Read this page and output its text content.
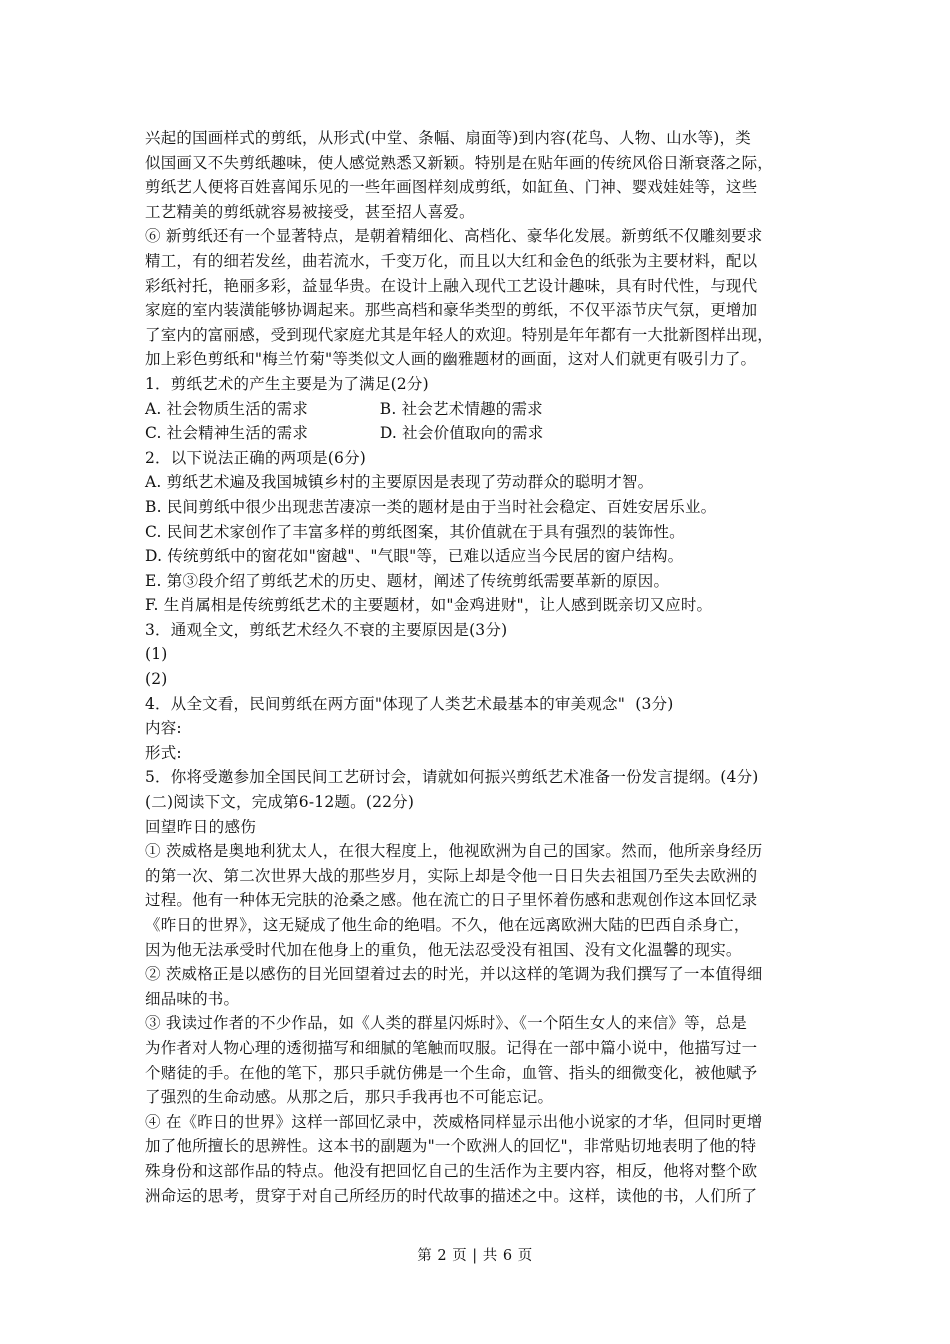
兴起的国画样式的剪纸，从形式(中堂、条幅、扇面等)到内容(花鸟、人物、山水等)，类
似国画又不失剪纸趣味，使人感觉熟悉又新颖。特别是在贴年画的传统风俗日渐衰落之际，
剪纸艺人便将百姓喜闻乐见的一些年画图样刻成剪纸，如缸鱼、门神、婴戏娃娃等，这些
工艺精美的剪纸就容易被接受，甚至招人喜爱。
⑥ 新剪纸还有一个显著特点，是朝着精细化、高档化、豪华化发展。新剪纸不仅雕刻要求
精工，有的细若发丝，曲若流水，千变万化，而且以大红和金色的纸张为主要材料，配以
彩纸衬托，艳丽多彩，益显华贵。在设计上融入现代工艺设计趣味，具有时代性，与现代
家庭的室内装潢能够协调起来。那些高档和豪华类型的剪纸，不仅平添节庆气氛，更增加
了室内的富丽感，受到现代家庭尤其是年轻人的欢迎。特别是年年都有一大批新图样出现，
加上彩色剪纸和"梅兰竹菊"等类似文人画的幽雅题材的画面，这对人们就更有吸引力了。
1．剪纸艺术的产生主要是为了满足(2分)
A. 社会物质生活的需求              B. 社会艺术情趣的需求
C. 社会精神生活的需求              D. 社会价值取向的需求
2．以下说法正确的两项是(6分)
A. 剪纸艺术遍及我国城镇乡村的主要原因是表现了劳动群众的聪明才智。
B. 民间剪纸中很少出现悲苦凄凉一类的题材是由于当时社会稳定、百姓安居乐业。
C. 民间艺术家创作了丰富多样的剪纸图案，其价值就在于具有强烈的装饰性。
D. 传统剪纸中的窗花如"窗越"、"气眼"等，已难以适应当今民居的窗户结构。
E. 第③段介绍了剪纸艺术的历史、题材，阐述了传统剪纸需要革新的原因。
F. 生肖属相是传统剪纸艺术的主要题材，如"金鸡进财"，让人感到既亲切又应时。
3．通观全文，剪纸艺术经久不衰的主要原因是(3分)
(1)
(2)
4．从全文看，民间剪纸在两方面"体现了人类艺术最基本的审美观念"  (3分)
内容:
形式:
5．你将受邀参加全国民间工艺研讨会，请就如何振兴剪纸艺术准备一份发言提纲。(4分)
(二)阅读下文，完成第6-12题。(22分)
回望昨日的感伤
① 茨威格是奥地利犹太人，在很大程度上，他视欧洲为自己的国家。然而，他所亲身经历
的第一次、第二次世界大战的那些岁月，实际上却是令他一日日失去祖国乃至失去欧洲的
过程。他有一种体无完肤的沧桑之感。他在流亡的日子里怀着伤感和悲观创作这本回忆录
《昨日的世界》，这无疑成了他生命的绝唱。不久，他在远离欧洲大陆的巴西自杀身亡，
因为他无法承受时代加在他身上的重负，他无法忍受没有祖国、没有文化温馨的现实。
② 茨威格正是以感伤的目光回望着过去的时光，并以这样的笔调为我们撰写了一本值得细
细品味的书。
③ 我读过作者的不少作品，如《人类的群星闪烁时》、《一个陌生女人的来信》等，总是
为作者对人物心理的透彻描写和细腻的笔触而叹服。记得在一部中篇小说中，他描写过一
个赌徒的手。在他的笔下，那只手就仿佛是一个生命，血管、指头的细微变化，被他赋予
了强烈的生命动感。从那之后，那只手我再也不可能忘记。
④ 在《昨日的世界》这样一部回忆录中，茨威格同样显示出他小说家的才华，但同时更增
加了他所擅长的思辨性。这本书的副题为"一个欧洲人的回忆"，非常贴切地表明了他的特
殊身份和这部作品的特点。他没有把回忆自己的生活作为主要内容，相反，他将对整个欧
洲命运的思考，贯穿于对自己所经历的时代故事的描述之中。这样，读他的书，人们所了
第 2 页 | 共 6 页
